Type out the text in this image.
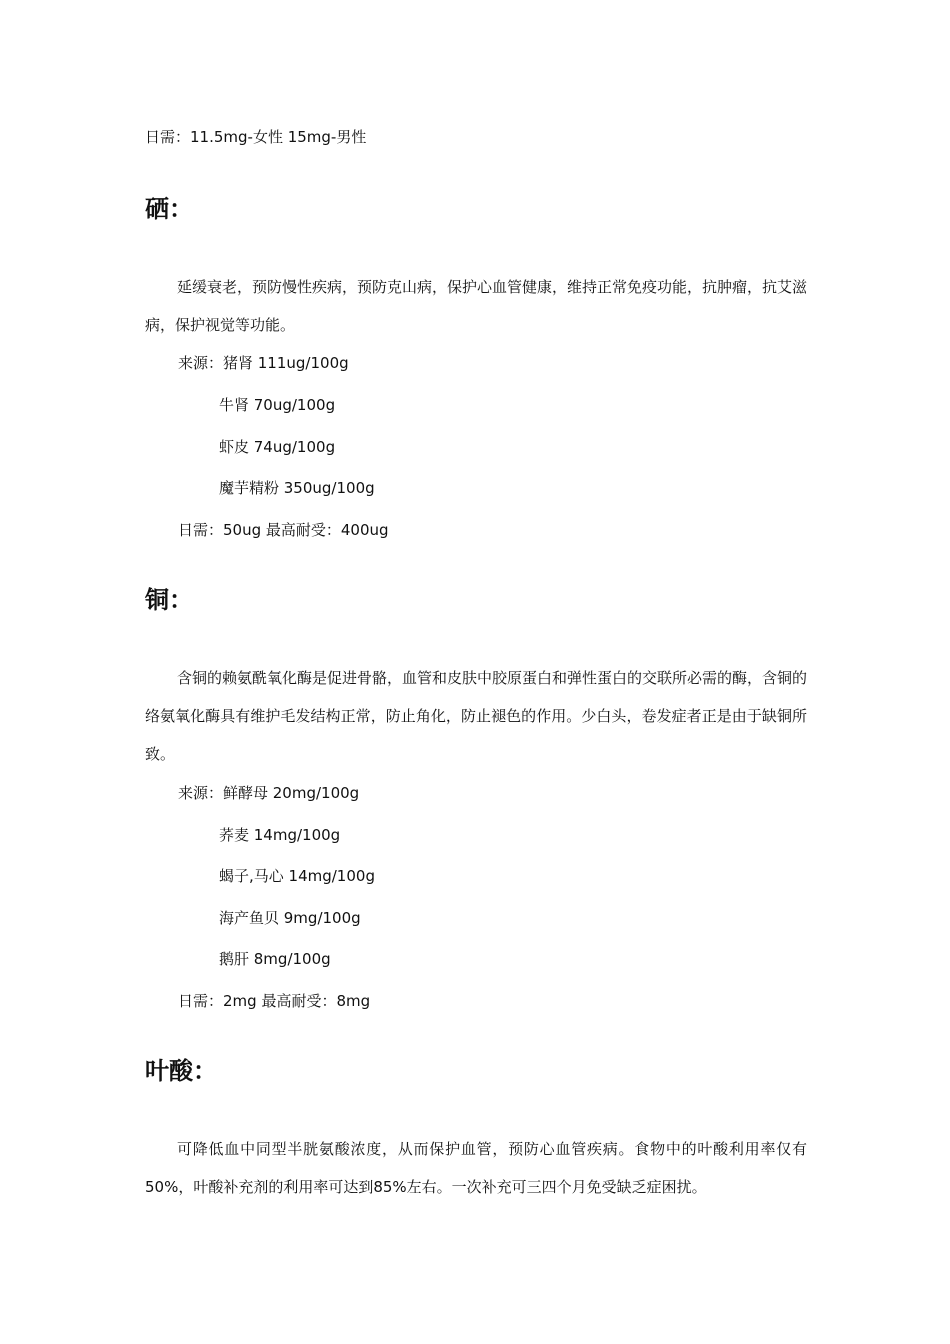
日需：11.5mg-女性 15mg-男性
硒：
延缓衰老，预防慢性疾病，预防克山病，保护心血管健康，维持正常免疫功能，抗肿瘤，抗艾滋病，保护视觉等功能。
来源：猪肾 111ug/100g
牛肾 70ug/100g
虾皮 74ug/100g
魔芋精粉 350ug/100g
日需：50ug 最高耐受：400ug
铜：
含铜的赖氨酰氧化酶是促进骨骼，血管和皮肤中胶原蛋白和弹性蛋白的交联所必需的酶，含铜的络氨氧化酶具有维护毛发结构正常，防止角化，防止褪色的作用。少白头，卷发症者正是由于缺铜所致。
来源：鲜酵母 20mg/100g
荞麦 14mg/100g
蝎子,马心 14mg/100g
海产鱼贝 9mg/100g
鹅肝 8mg/100g
日需：2mg 最高耐受：8mg
叶酸：
可降低血中同型半胱氨酸浓度，从而保护血管，预防心血管疾病。食物中的叶酸利用率仅有 50%，叶酸补充剂的利用率可达到85%左右。一次补充可三四个月免受缺乏症困扰。
